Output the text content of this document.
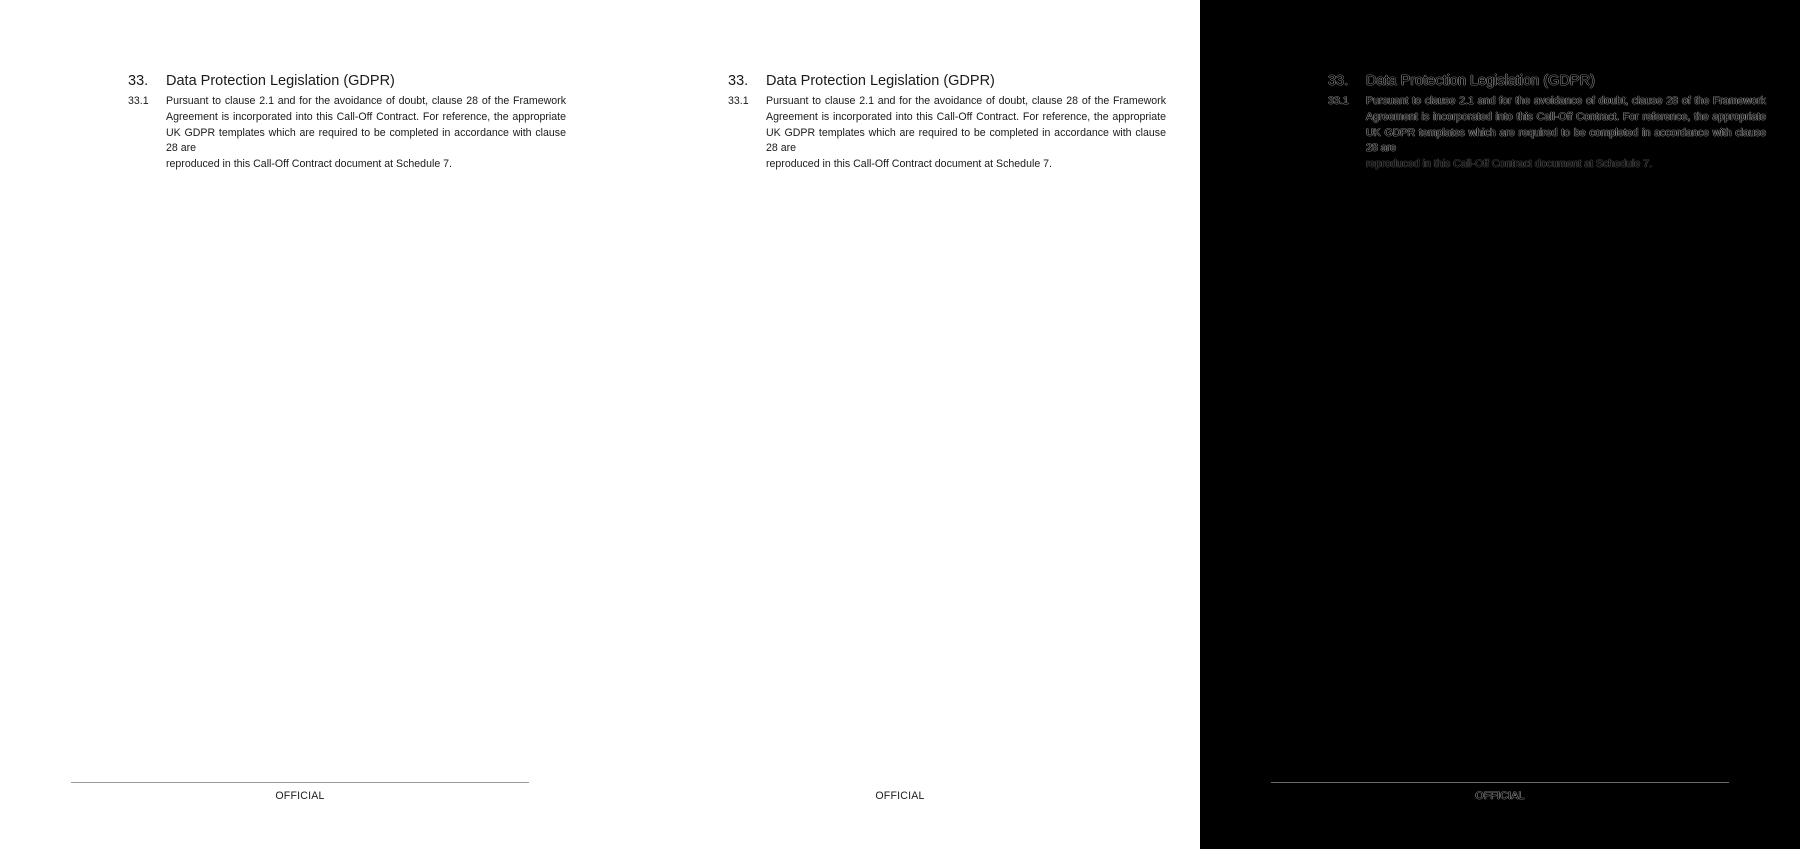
33. Data Protection Legislation (GDPR)
33.1 Pursuant to clause 2.1 and for the avoidance of doubt, clause 28 of the Framework Agreement is incorporated into this Call-Off Contract. For reference, the appropriate UK GDPR templates which are required to be completed in accordance with clause 28 are
reproduced in this Call-Off Contract document at Schedule 7.
OFFICIAL
33. Data Protection Legislation (GDPR)
33.1 Pursuant to clause 2.1 and for the avoidance of doubt, clause 28 of the Framework Agreement is incorporated into this Call-Off Contract. For reference, the appropriate UK GDPR templates which are required to be completed in accordance with clause 28 are
reproduced in this Call-Off Contract document at Schedule 7.
OFFICIAL
33. Data Protection Legislation (GDPR)
33.1 Pursuant to clause 2.1 and for the avoidance of doubt, clause 28 of the Framework Agreement is incorporated into this Call-Off Contract. For reference, the appropriate UK GDPR templates which are required to be completed in accordance with clause 28 are
reproduced in this Call-Off Contract document at Schedule 7.
OFFICIAL
